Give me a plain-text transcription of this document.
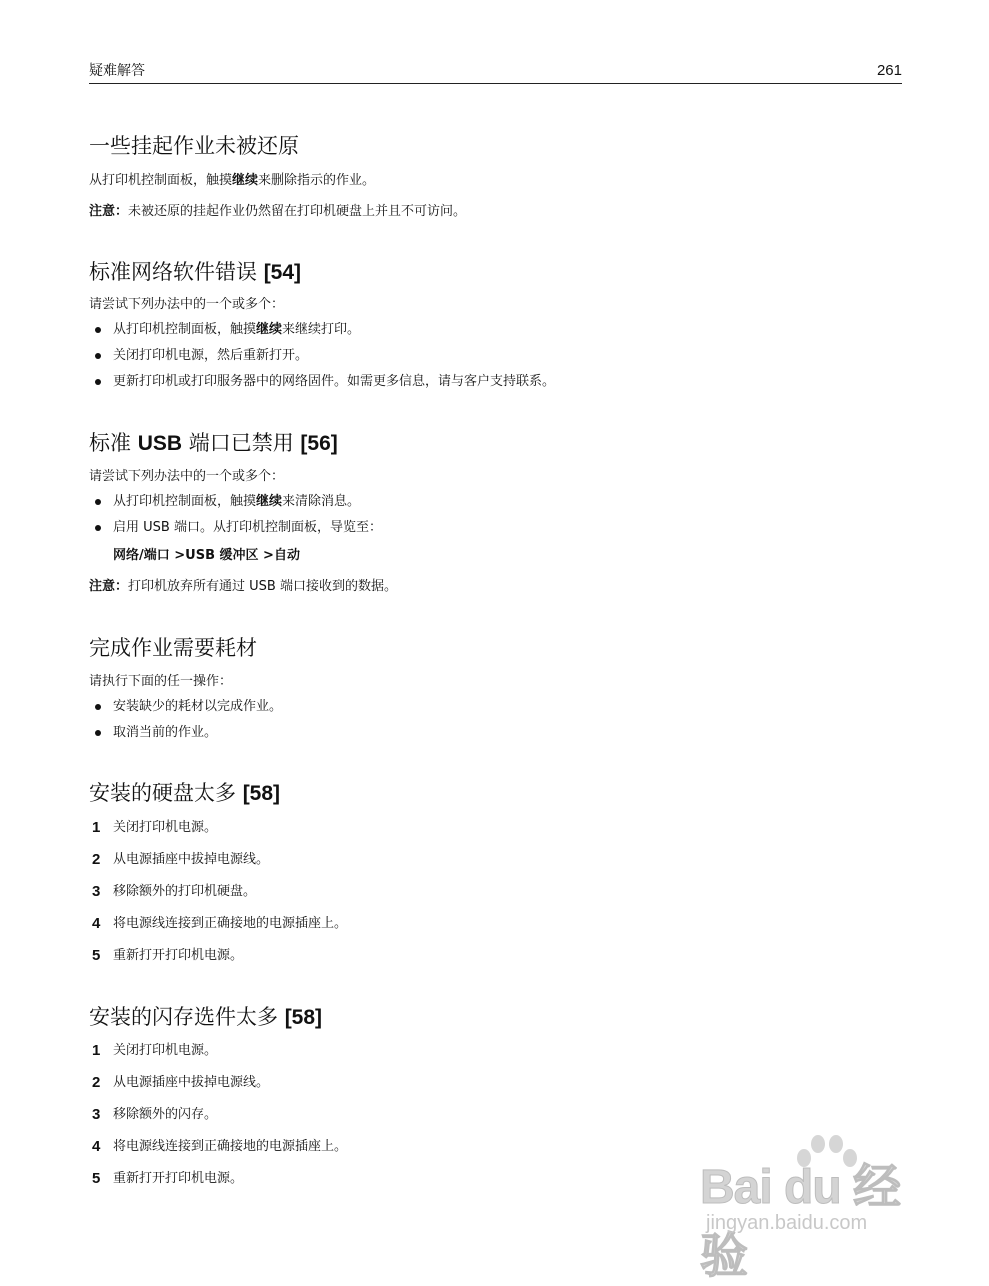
疑难解答	261
一些挂起作业未被还原
从打印机控制面板，触摸继续来删除指示的作业。
注意：未被还原的挂起作业仍然留在打印机硬盘上并且不可访问。
标准网络软件错误 [54]
请尝试下列办法中的一个或多个：
从打印机控制面板，触摸继续来继续打印。
关闭打印机电源，然后重新打开。
更新打印机或打印服务器中的网络固件。如需更多信息，请与客户支持联系。
标准 USB 端口已禁用 [56]
请尝试下列办法中的一个或多个：
从打印机控制面板，触摸继续来清除消息。
启用 USB 端口。从打印机控制面板，导览至：
网络/端口 >USB 缓冲区 >自动
注意：打印机放弃所有通过 USB 端口接收到的数据。
完成作业需要耗材
请执行下面的任一操作：
安装缺少的耗材以完成作业。
取消当前的作业。
安装的硬盘太多 [58]
1 关闭打印机电源。
2 从电源插座中拔掉电源线。
3 移除额外的打印机硬盘。
4 将电源线连接到正确接地的电源插座上。
5 重新打开打印机电源。
安装的闪存选件太多 [58]
1 关闭打印机电源。
2 从电源插座中拔掉电源线。
3 移除额外的闪存。
4 将电源线连接到正确接地的电源插座上。
5 重新打开打印机电源。	Bai du 经验
jingyan.baidu.com
